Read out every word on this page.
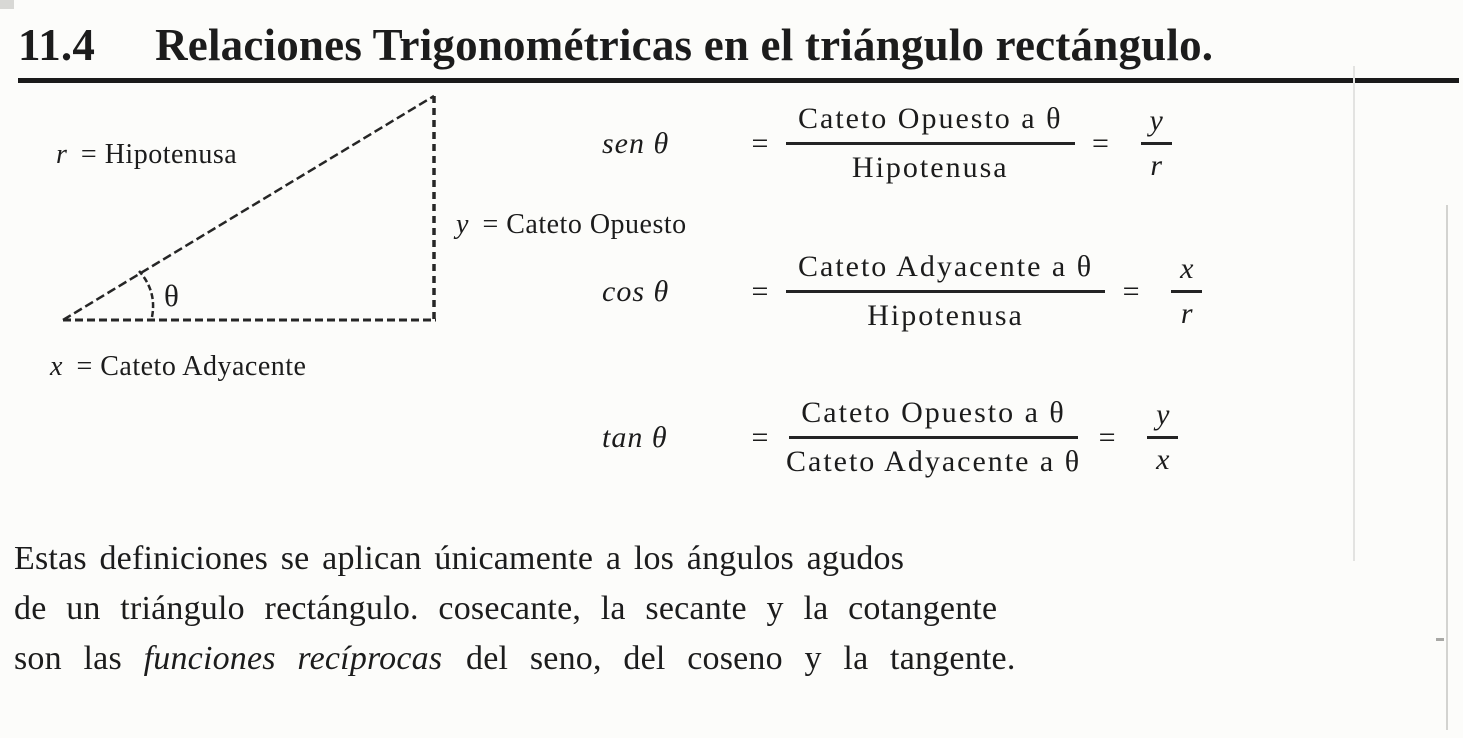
11.4 Relaciones Trigonométricas en el triángulo rectángulo.
θ
r = Hipotenusa
y = Cateto Opuesto
x = Cateto Adyacente
sen θ	= $\frac{\text{Cateto Opuesto a θ}}{\text{Hipotenusa}}$ =	$\frac{y}{r}$
cos θ	= $\frac{\text{Cateto Adyacente a θ}}{\text{Hipotenusa}}$ =	$\frac{x}{r}$
tan θ	= $\frac{\text{Cateto Opuesto a θ}}{\text{Cateto Adyacente a θ}}$ =	$\frac{y}{x}$
Estas definiciones se aplican únicamente a los ángulos agudos
de un triángulo rectángulo. cosecante, la secante y la cotangente
son las funciones recíprocas del seno, del coseno y la tangente.
